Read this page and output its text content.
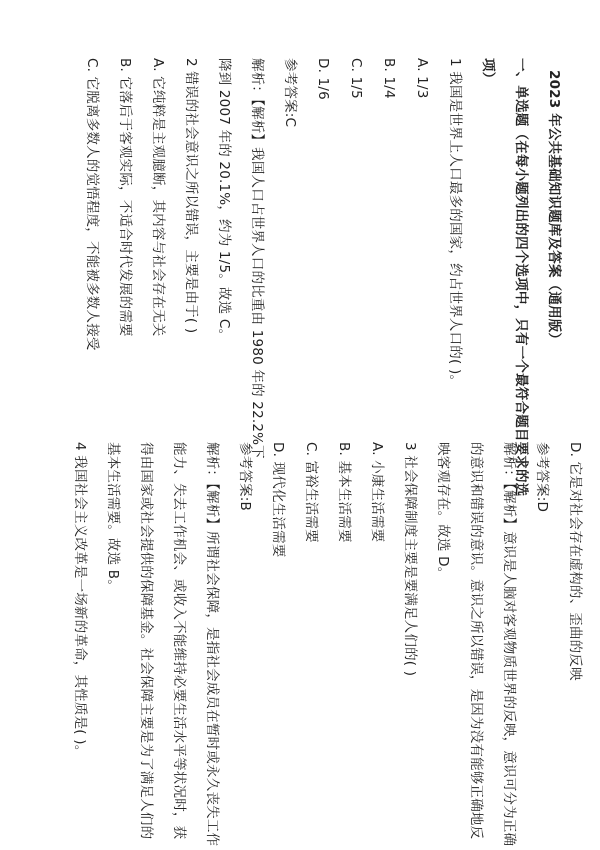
2023 年公共基础知识题库及答案（通用版）
一、单选题（在每小题列出的四个选项中，只有一个最符合题目要求的选
项）
1 我国是世界上人口最多的国家，约占世界人口的( )。
A. 1/3
B. 1/4
C. 1/5
D. 1/6
参考答案:C
解析：【解析】我国人口占世界人口的比重由 1980 年的 22.2%下
降到 2007 年的 20.1%，约为 1/5。故选 C。
2 错误的社会意识之所以错误，主要是由于( )
A. 它纯粹是主观臆断，其内容与社会存在无关
B. 它落后于客观实际，不适合时代发展的需要
C. 它脱离多数人的觉悟程度，不能被多数人接受
D. 它是对社会存在虚构的、歪曲的反映
参考答案:D
解析：【解析】意识是人脑对客观物质世界的反映，意识可分为正确
的意识和错误的意识。意识之所以错误，是因为没有能够正确地反
映客观存在。故选 D。
3 社会保障制度主要是要满足人们的( )
A. 小康生活需要
B. 基本生活需要
C. 富裕生活需要
D. 现代化生活需要
参考答案:B
解析：【解析】所谓社会保障，是指社会成员在暂时或永久丧失工作
能力、失去工作机会、或收入不能维持必要生活水平等状况时，获
得由国家或社会提供的保障基金。社会保障主要是为了满足人们的
基本生活需要。故选 B。
4 我国社会主义改革是一场新的革命，其性质是( )。
